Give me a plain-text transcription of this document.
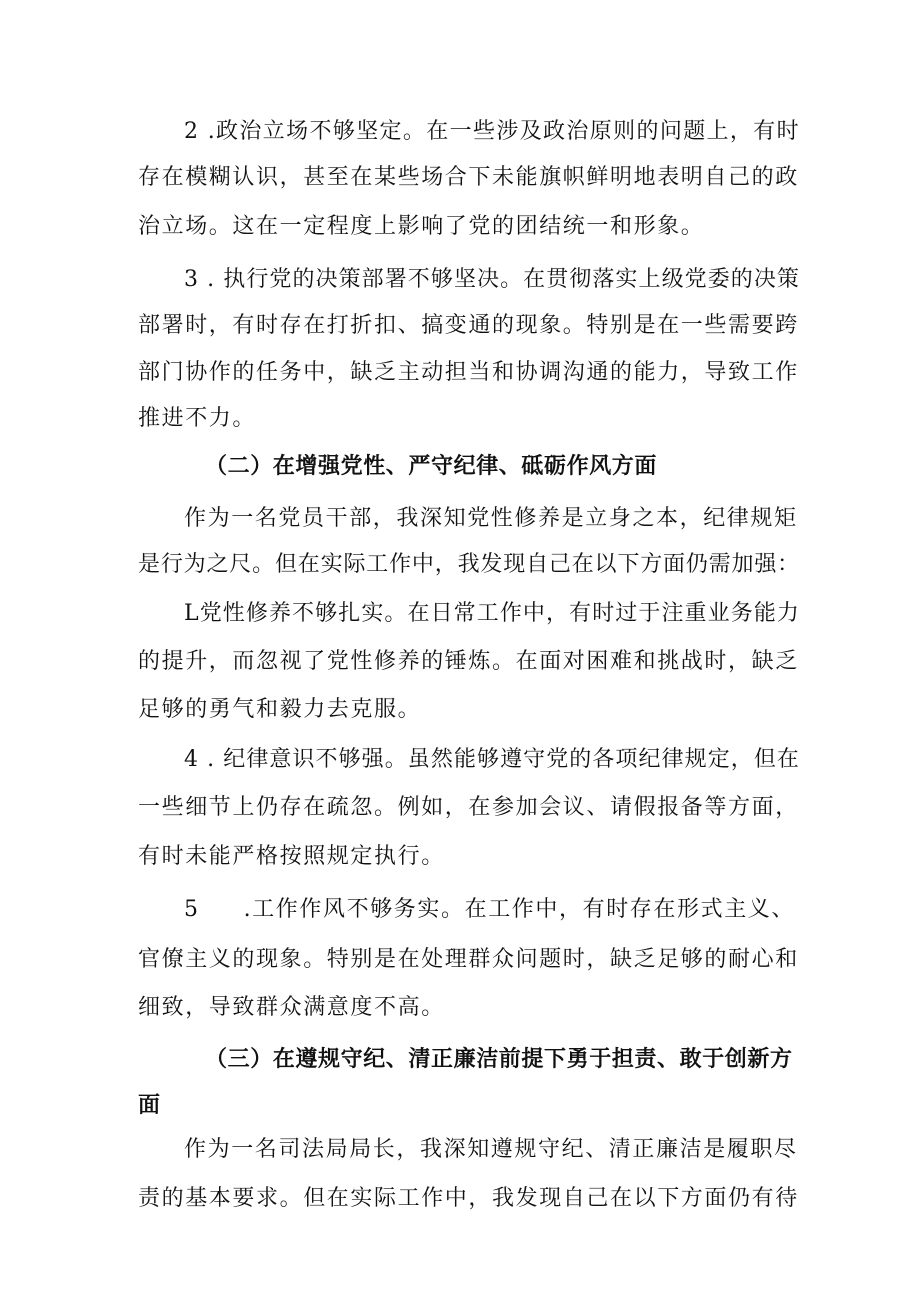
2 .政治立场不够坚定。在一些涉及政治原则的问题上，有时
存在模糊认识，甚至在某些场合下未能旗帜鲜明地表明自己的政
治立场。这在一定程度上影响了党的团结统一和形象。
3 . 执行党的决策部署不够坚决。在贯彻落实上级党委的决策
部署时，有时存在打折扣、搞变通的现象。特别是在一些需要跨
部门协作的任务中，缺乏主动担当和协调沟通的能力，导致工作
推进不力。
（二）在增强党性、严守纪律、砥砺作风方面
作为一名党员干部，我深知党性修养是立身之本，纪律规矩
是行为之尺。但在实际工作中，我发现自己在以下方面仍需加强：
L党性修养不够扎实。在日常工作中，有时过于注重业务能力
的提升，而忽视了党性修养的锤炼。在面对困难和挑战时，缺乏
足够的勇气和毅力去克服。
4 . 纪律意识不够强。虽然能够遵守党的各项纪律规定，但在
一些细节上仍存在疏忽。例如，在参加会议、请假报备等方面，
有时未能严格按照规定执行。
5 .工作作风不够务实。在工作中，有时存在形式主义、
官僚主义的现象。特别是在处理群众问题时，缺乏足够的耐心和
细致，导致群众满意度不高。
（三）在遵规守纪、清正廉洁前提下勇于担责、敢于创新方
面
作为一名司法局局长，我深知遵规守纪、清正廉洁是履职尽
责的基本要求。但在实际工作中，我发现自己在以下方面仍有待
